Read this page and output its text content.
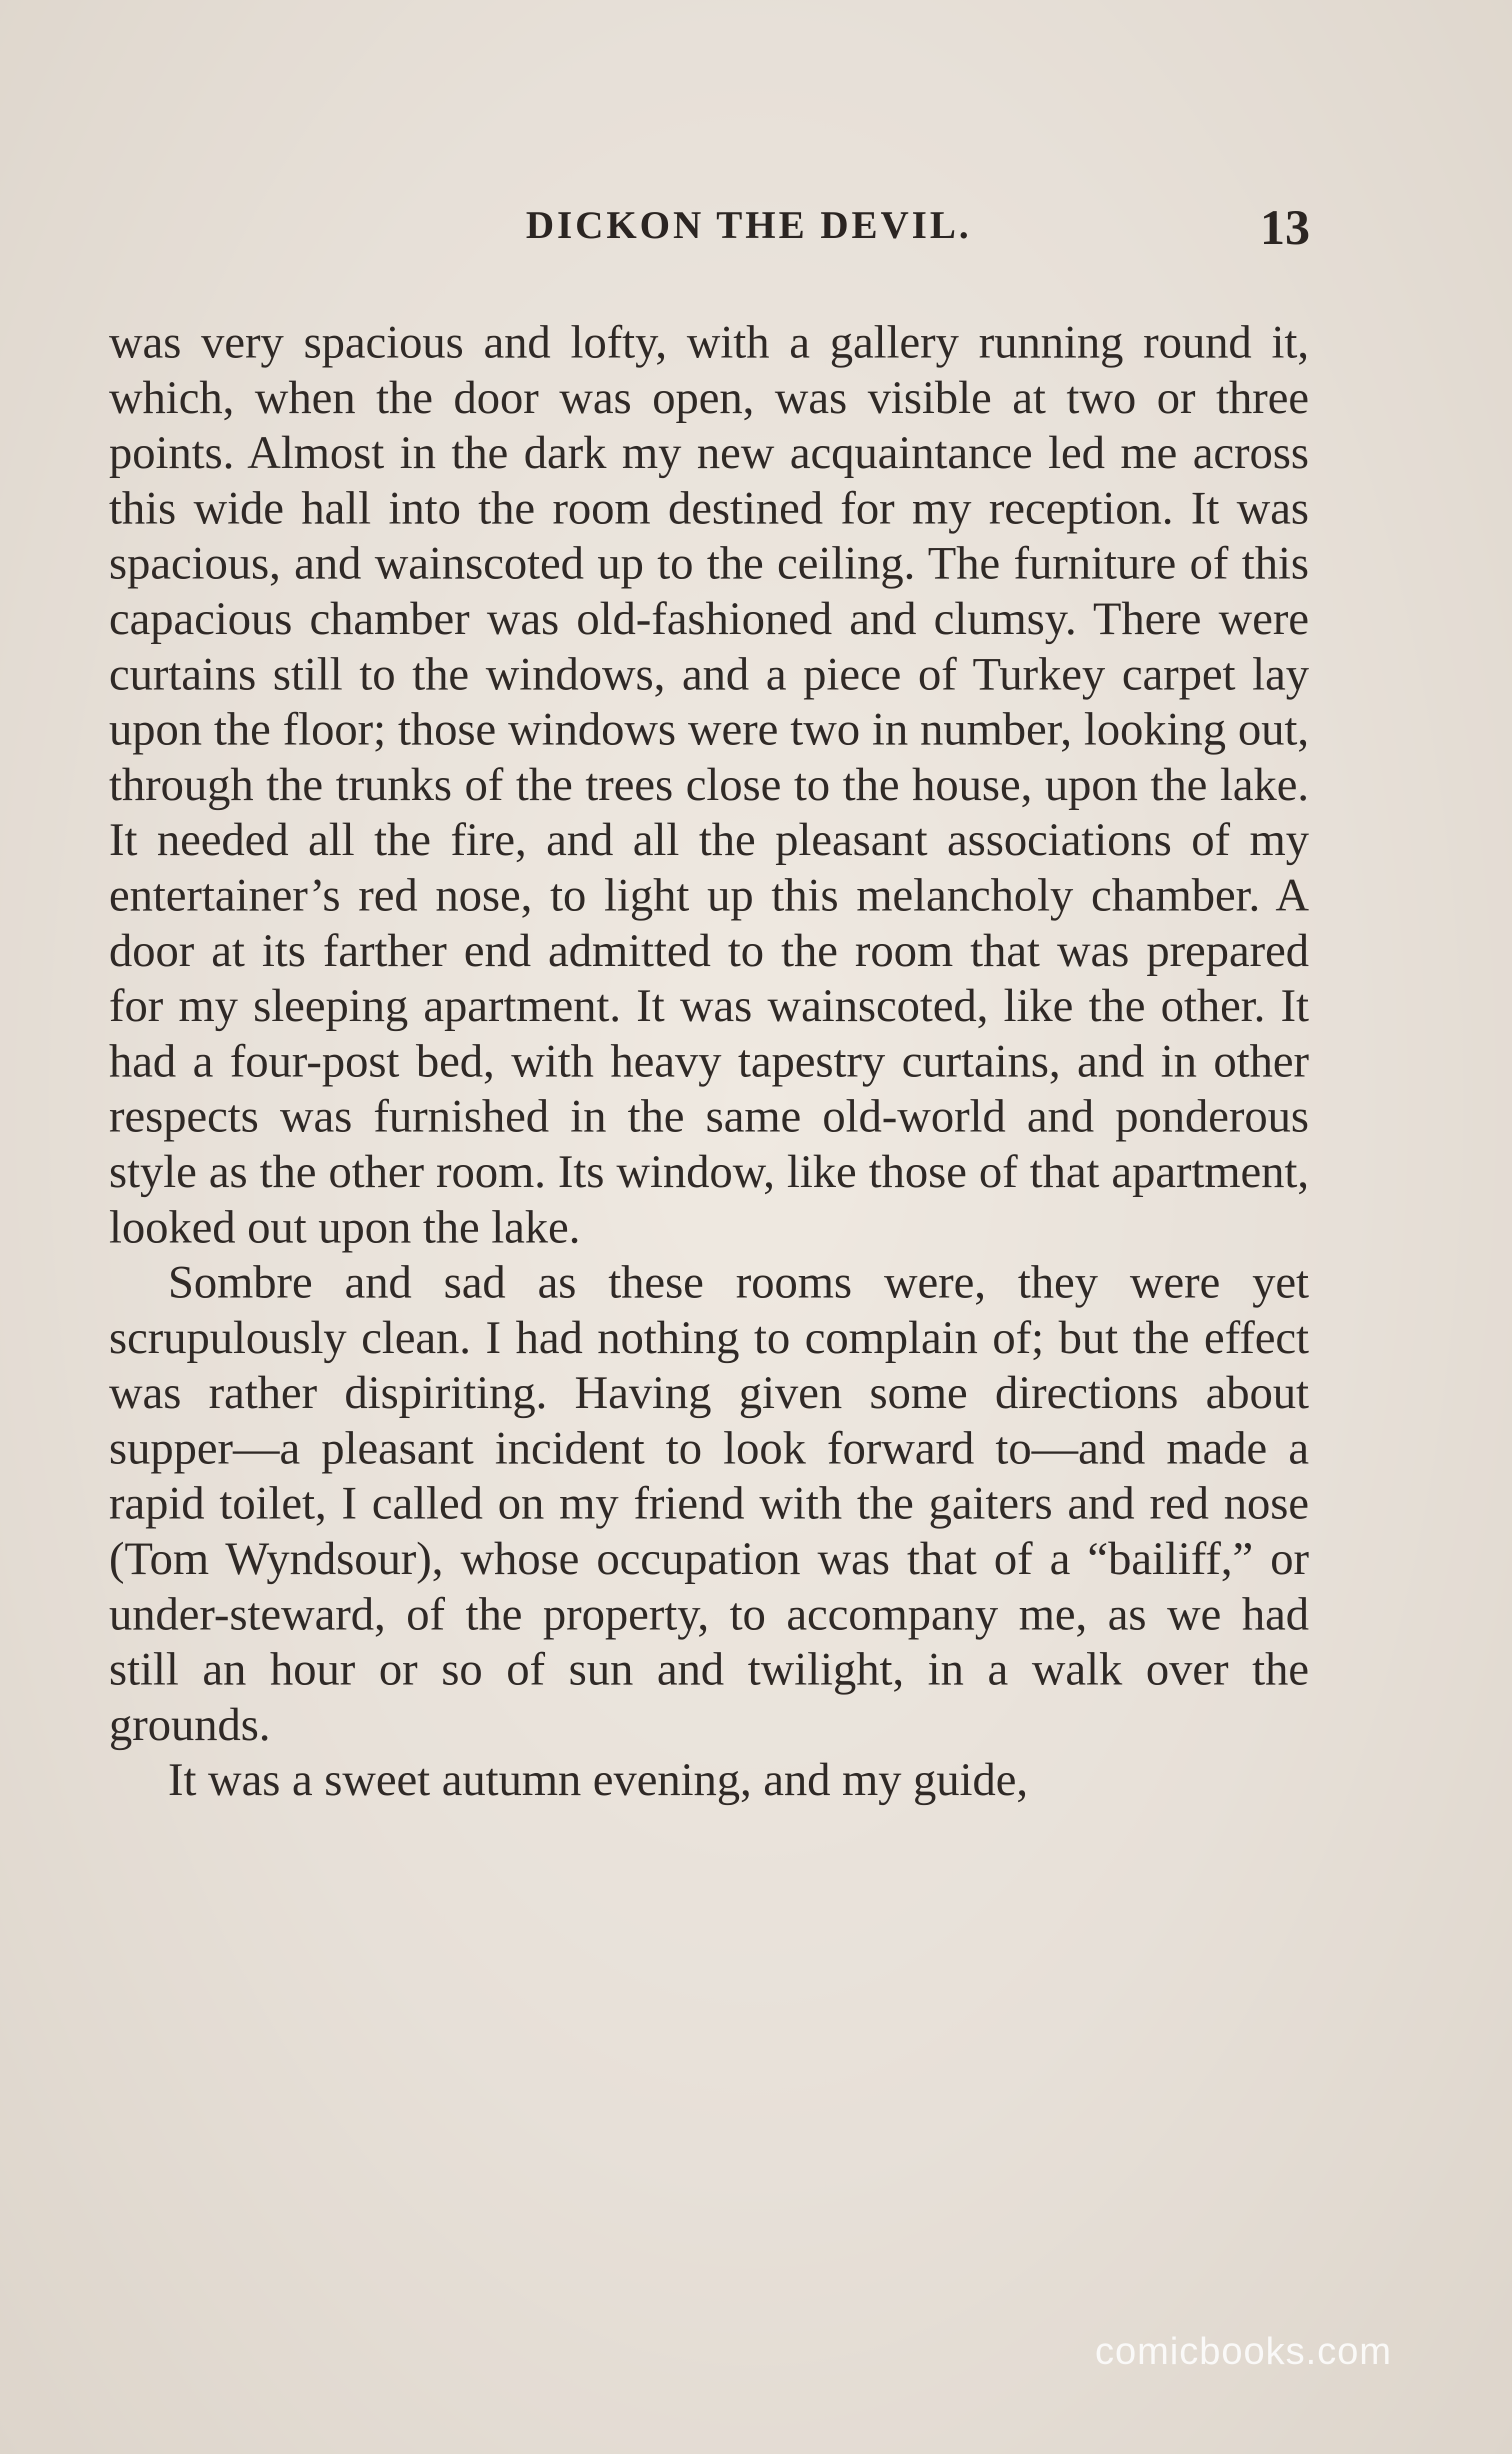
DICKON THE DEVIL.	13

was very spacious and lofty, with a gallery running round it, which, when the door was open, was visible at two or three points. Almost in the dark my new acquaintance led me across this wide hall into the room destined for my reception. It was spacious, and wainscoted up to the ceiling. The furniture of this capacious chamber was old-fashioned and clumsy. There were curtains still to the windows, and a piece of Turkey carpet lay upon the floor; those windows were two in number, looking out, through the trunks of the trees close to the house, upon the lake. It needed all the fire, and all the pleasant associations of my entertainer’s red nose, to light up this melancholy chamber. A door at its farther end admitted to the room that was prepared for my sleeping apartment. It was wainscoted, like the other. It had a four-post bed, with heavy tapestry curtains, and in other respects was furnished in the same old-world and ponderous style as the other room. Its window, like those of that apartment, looked out upon the lake.

Sombre and sad as these rooms were, they were yet scrupulously clean. I had nothing to complain of; but the effect was rather dispiriting. Having given some directions about supper—a pleasant incident to look forward to—and made a rapid toilet, I called on my friend with the gaiters and red nose (Tom Wyndsour), whose occupation was that of a “bailiff,” or under-steward, of the property, to accompany me, as we had still an hour or so of sun and twilight, in a walk over the grounds.

It was a sweet autumn evening, and my guide,

comicbooks.com
